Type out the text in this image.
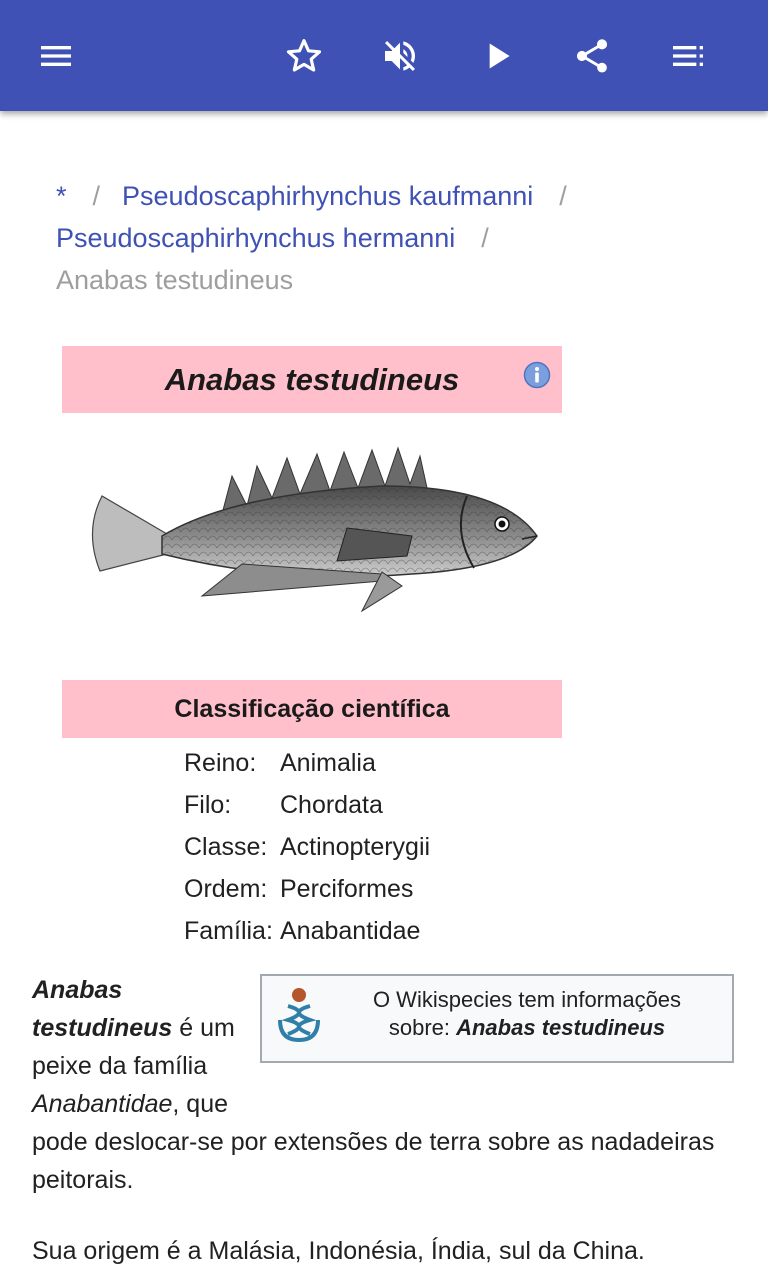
* / Pseudoscaphirhynchus kaufmanni /
Pseudoscaphirhynchus hermanni /
Anabas testudineus
Anabas testudineus
Classificação científica
Reino: Animalia
Filo:	Chordata
Classe: Actinopterygii
Ordem: Perciformes
Família: Anabantidae
Anabas testudineus é um peixe da família Anabantidae, que pode deslocar-se por extensões de terra sobre as nadadeiras peitorais.
O Wikispecies tem informações
sobre: Anabas testudineus
Sua origem é a Malásia, Indonésia, Índia, sul da China.
